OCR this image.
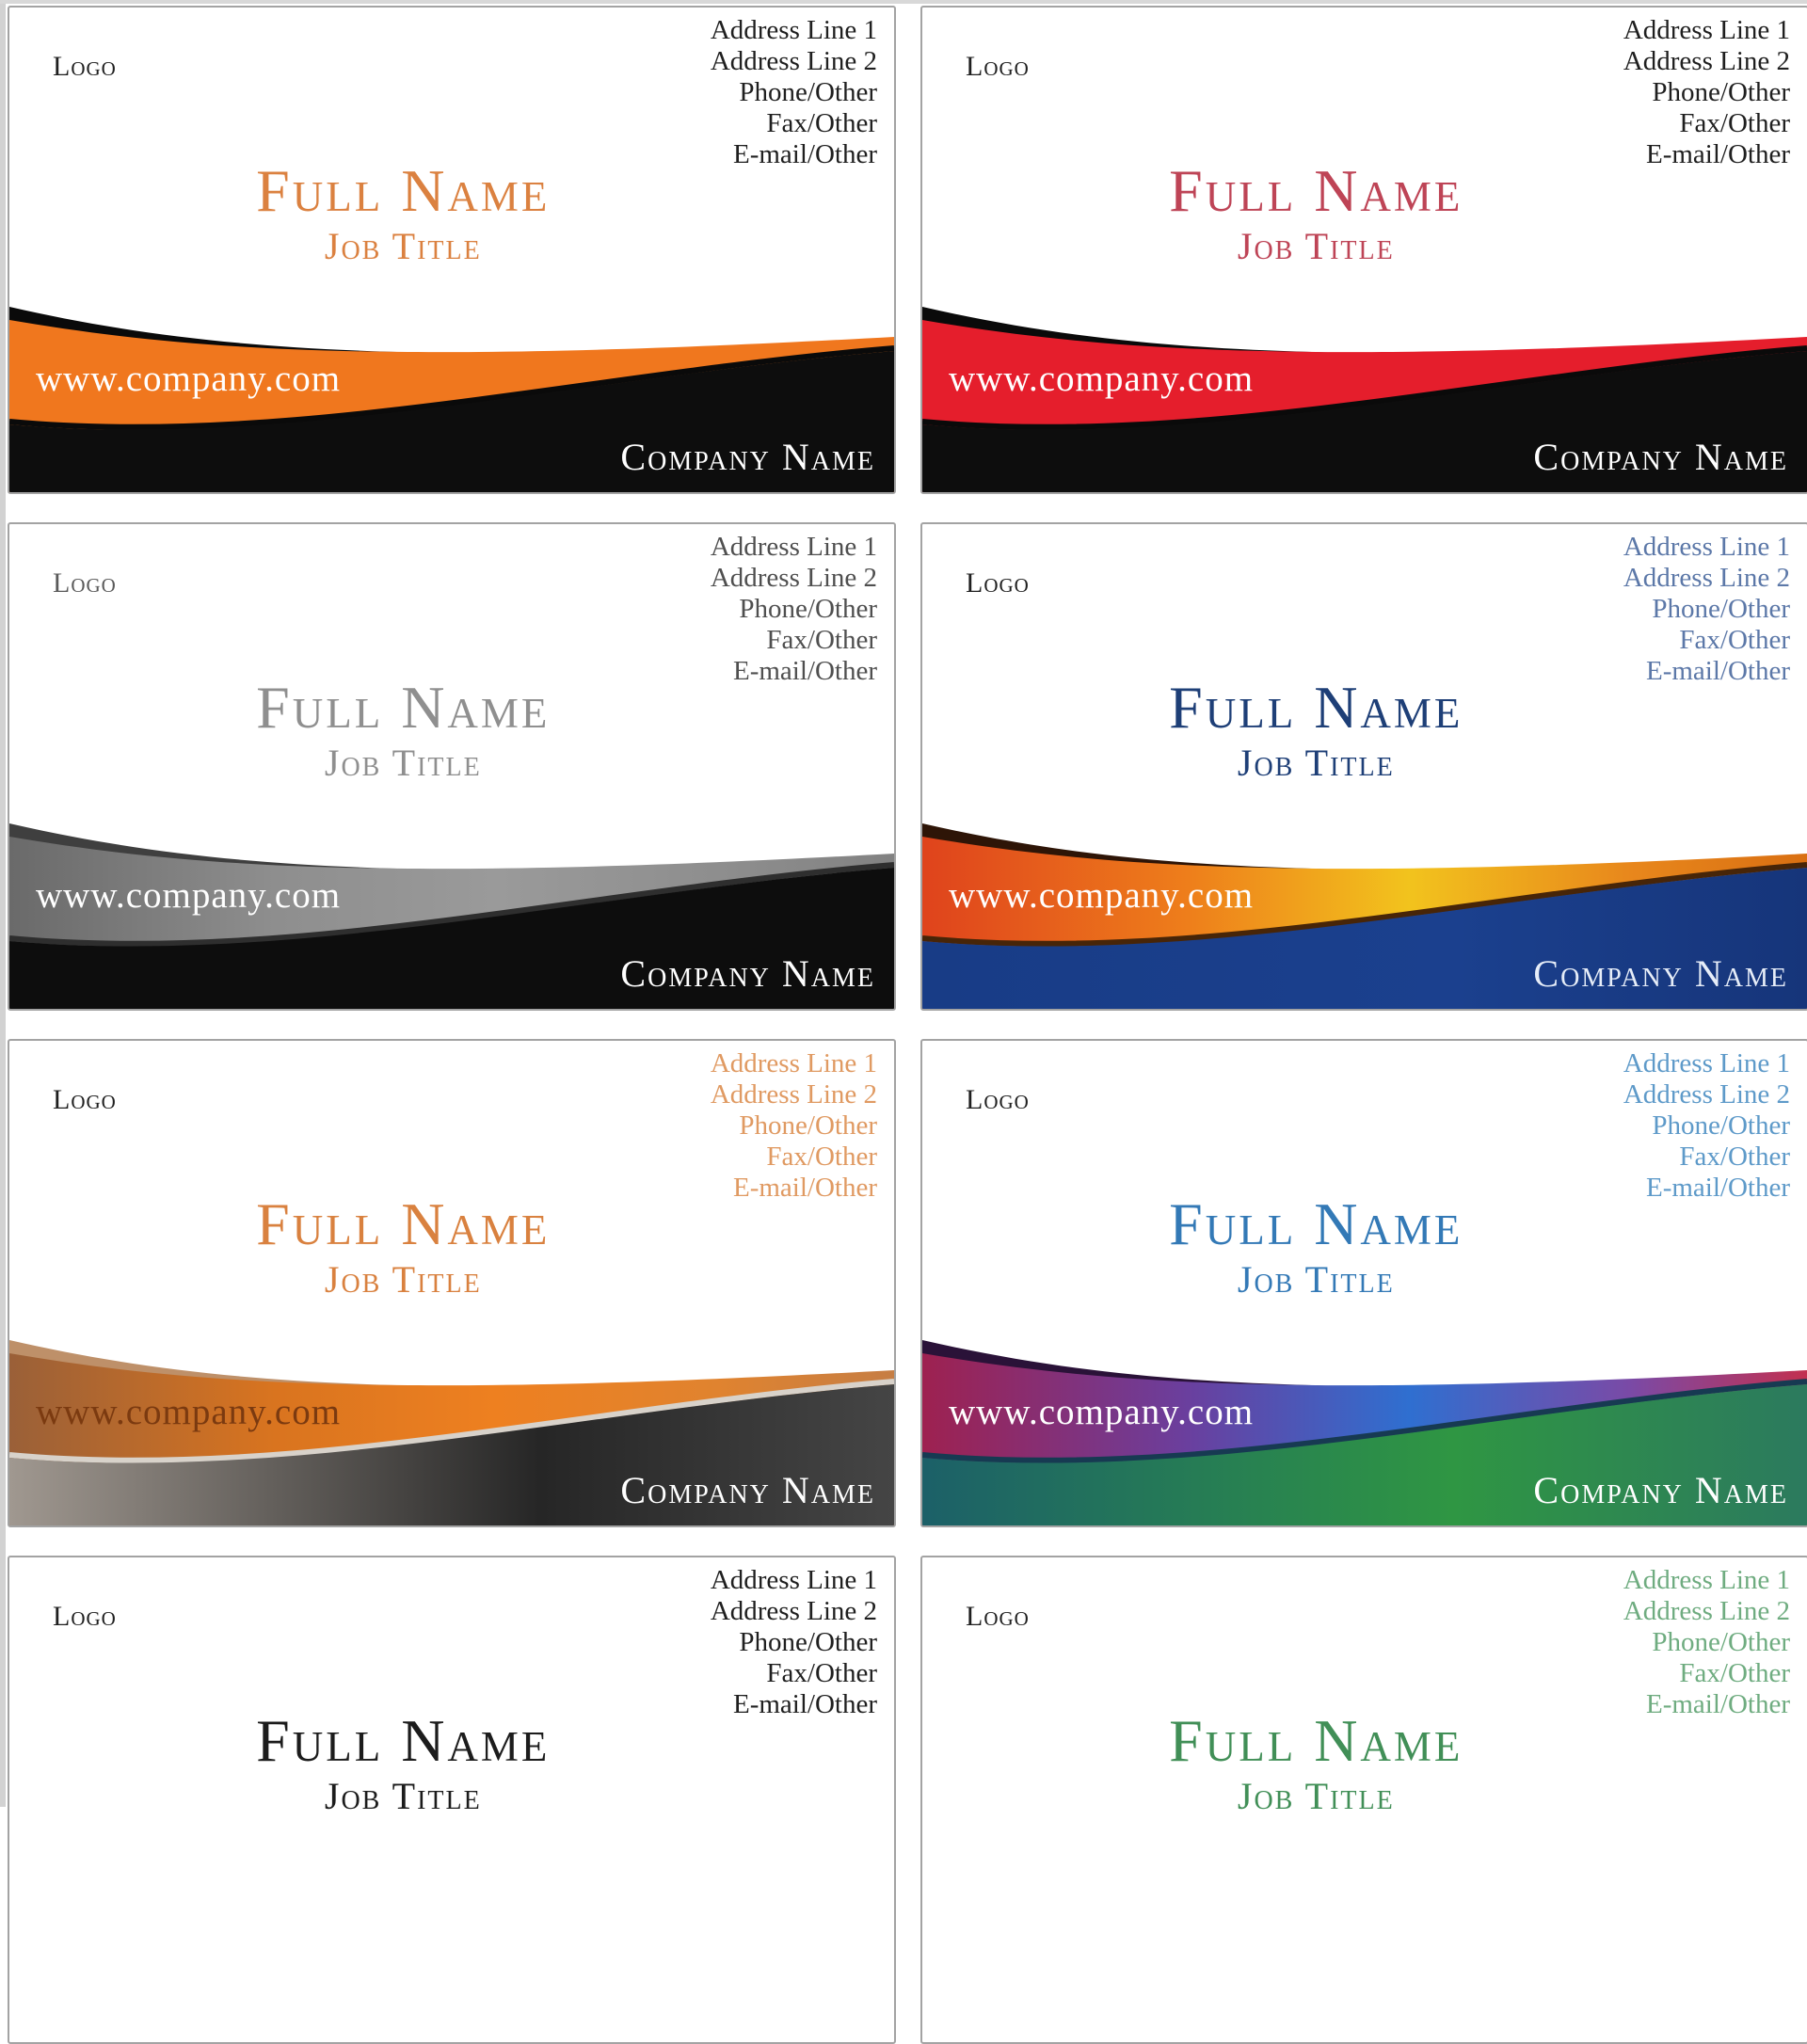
Logo
Address Line 1
Address Line 2
Phone/Other
Fax/Other
E-mail/Other
Full Name
Job Title
www.company.com
Company Name
Logo
Address Line 1
Address Line 2
Phone/Other
Fax/Other
E-mail/Other
Full Name
Job Title
www.company.com
Company Name
Logo
Address Line 1
Address Line 2
Phone/Other
Fax/Other
E-mail/Other
Full Name
Job Title
www.company.com
Company Name
Logo
Address Line 1
Address Line 2
Phone/Other
Fax/Other
E-mail/Other
Full Name
Job Title
www.company.com
Company Name
Logo
Address Line 1
Address Line 2
Phone/Other
Fax/Other
E-mail/Other
Full Name
Job Title
www.company.com
Company Name
Logo
Address Line 1
Address Line 2
Phone/Other
Fax/Other
E-mail/Other
Full Name
Job Title
www.company.com
Company Name
Logo
Address Line 1
Address Line 2
Phone/Other
Fax/Other
E-mail/Other
Full Name
Job Title
Logo
Address Line 1
Address Line 2
Phone/Other
Fax/Other
E-mail/Other
Full Name
Job Title
